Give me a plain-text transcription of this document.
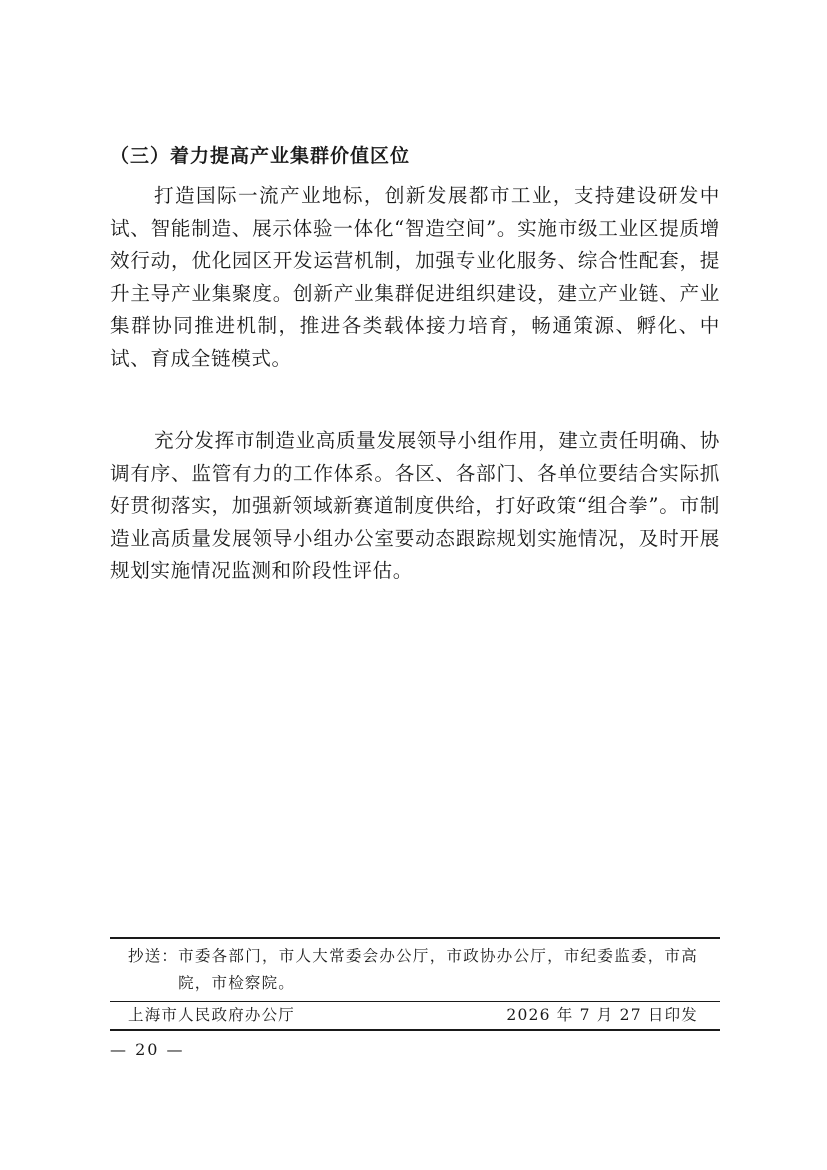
（三）着力提高产业集群价值区位

打造国际一流产业地标，创新发展都市工业，支持建设研发中试、智能制造、展示体验一体化“智造空间”。实施市级工业区提质增效行动，优化园区开发运营机制，加强专业化服务、综合性配套，提升主导产业集聚度。创新产业集群促进组织建设，建立产业链、产业集群协同推进机制，推进各类载体接力培育，畅通策源、孵化、中试、育成全链模式。

充分发挥市制造业高质量发展领导小组作用，建立责任明确、协调有序、监管有力的工作体系。各区、各部门、各单位要结合实际抓好贯彻落实，加强新领域新赛道制度供给，打好政策“组合拳”。市制造业高质量发展领导小组办公室要动态跟踪规划实施情况，及时开展规划实施情况监测和阶段性评估。

抄送： 市委各部门，市人大常委会办公厅，市政协办公厅，市纪委监委，市高院，市检察院。
上海市人民政府办公厅	2026 年 7 月 27 日印发
— 20 —
